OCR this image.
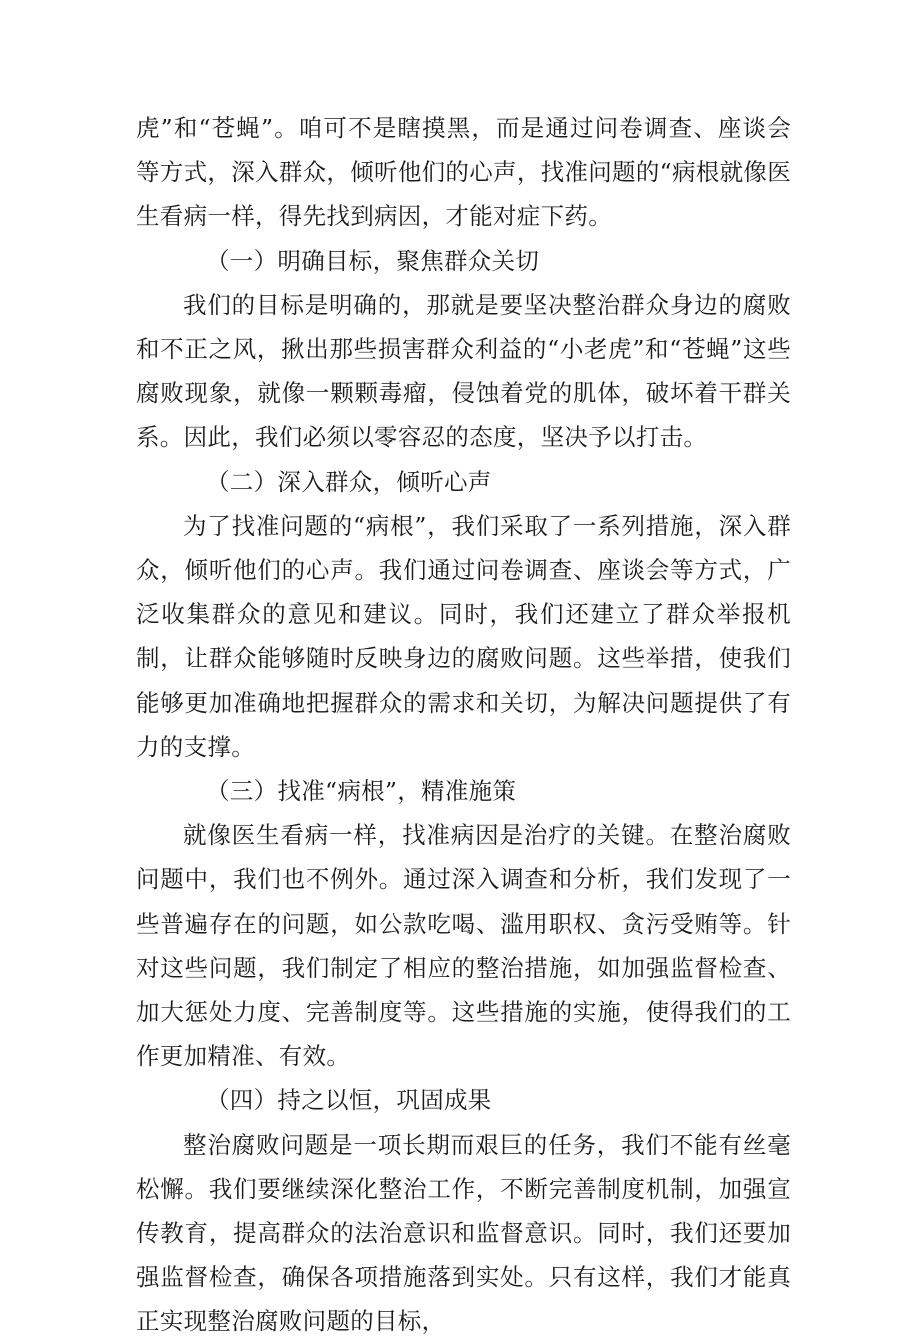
虎”和“苍蝇”。咱可不是瞎摸黑，而是通过问卷调查、座谈会等方式，深入群众，倾听他们的心声，找准问题的“病根就像医生看病一样，得先找到病因，才能对症下药。

（一）明确目标，聚焦群众关切

我们的目标是明确的，那就是要坚决整治群众身边的腐败和不正之风，揪出那些损害群众利益的“小老虎”和“苍蝇”这些腐败现象，就像一颗颗毒瘤，侵蚀着党的肌体，破坏着干群关系。因此，我们必须以零容忍的态度，坚决予以打击。

（二）深入群众，倾听心声

为了找准问题的“病根”，我们采取了一系列措施，深入群众，倾听他们的心声。我们通过问卷调查、座谈会等方式，广泛收集群众的意见和建议。同时，我们还建立了群众举报机制，让群众能够随时反映身边的腐败问题。这些举措，使我们能够更加准确地把握群众的需求和关切，为解决问题提供了有力的支撑。

（三）找准“病根”，精准施策

就像医生看病一样，找准病因是治疗的关键。在整治腐败问题中，我们也不例外。通过深入调查和分析，我们发现了一些普遍存在的问题，如公款吃喝、滥用职权、贪污受贿等。针对这些问题，我们制定了相应的整治措施，如加强监督检查、加大惩处力度、完善制度等。这些措施的实施，使得我们的工作更加精准、有效。

（四）持之以恒，巩固成果

整治腐败问题是一项长期而艰巨的任务，我们不能有丝毫松懈。我们要继续深化整治工作，不断完善制度机制，加强宣传教育，提高群众的法治意识和监督意识。同时，我们还要加强监督检查，确保各项措施落到实处。只有这样，我们才能真正实现整治腐败问题的目标，
